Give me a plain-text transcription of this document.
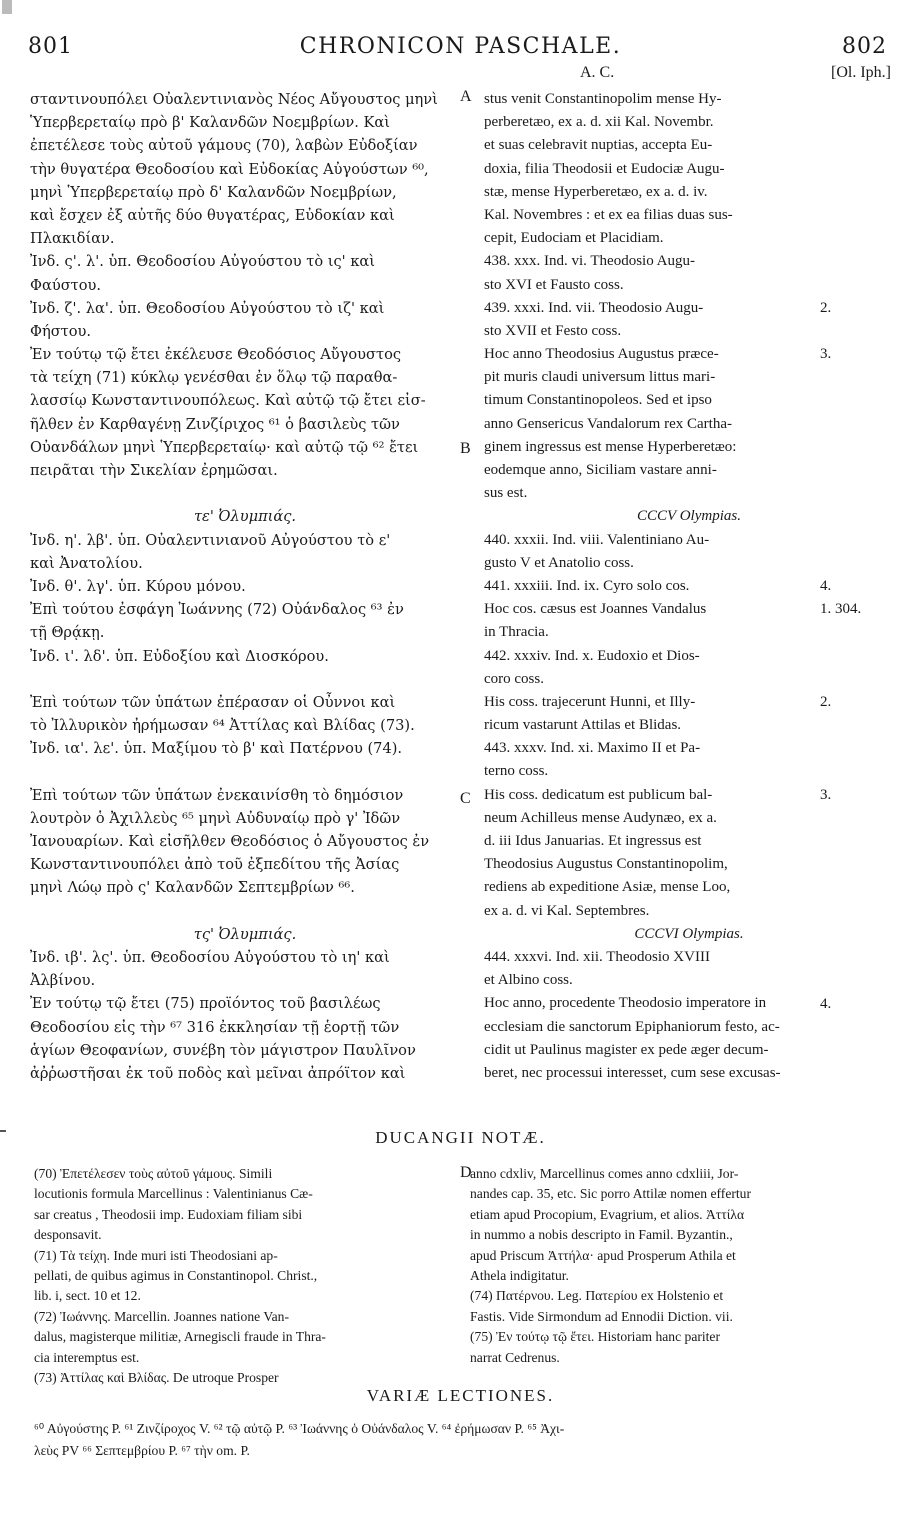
801	CHRONICON PASCHALE.	802
A. C.	[Ol. Iph.]
σταντινουπόλει Οὐαλεντινιανὸς Νέος Αὔγουστος μηνὶ
Ὑπερβερεταίῳ πρὸ β' Καλανδῶν Νοεμβρίων. Καὶ
ἐπετέλεσε τοὺς αὐτοῦ γάμους (70), λαβὼν Εὐδοξίαν
τὴν θυγατέρα Θεοδοσίου καὶ Εὐδοκίας Αὐγούστων ⁶⁰,
μηνὶ Ὑπερβερεταίῳ πρὸ δ' Καλανδῶν Νοεμβρίων,
καὶ ἔσχεν ἐξ αὐτῆς δύο θυγατέρας, Εὐδοκίαν καὶ
Πλακιδίαν.
Ἰνδ. ς'. λ'. ὑπ. Θεοδοσίου Αὐγούστου τὸ ις' καὶ
Φαύστου.
Ἰνδ. ζ'. λα'. ὑπ. Θεοδοσίου Αὐγούστου τὸ ιζ' καὶ
Φήστου.
Ἐν τούτῳ τῷ ἔτει ἐκέλευσε Θεοδόσιος Αὔγουστος
τὰ τείχη (71) κύκλῳ γενέσθαι ἐν ὅλῳ τῷ παραθα-
λασσίῳ Κωνσταντινουπόλεως. Καὶ αὐτῷ τῷ ἔτει εἰσ-
ῆλθεν ἐν Καρθαγένῃ Ζινζίριχος ⁶¹ ὁ βασιλεὺς τῶν
Οὐανδάλων μηνὶ Ὑπερβερεταίῳ· καὶ αὐτῷ τῷ ⁶² ἔτει
πειρᾶται τὴν Σικελίαν ἐρημῶσαι.
τε' Ὀλυμπιάς.
Ἰνδ. η'. λβ'. ὑπ. Οὐαλεντινιανοῦ Αὐγούστου τὸ ε'
καὶ Ἀνατολίου.
Ἰνδ. θ'. λγ'. ὑπ. Κύρου μόνου.
Ἐπὶ τούτου ἐσφάγη Ἰωάννης (72) Οὐάνδαλος ⁶³ ἐν
τῇ Θρᾴκῃ.
Ἰνδ. ι'. λδ'. ὑπ. Εὐδοξίου καὶ Διοσκόρου.
Ἐπὶ τούτων τῶν ὑπάτων ἐπέρασαν οἱ Οὖννοι καὶ
τὸ Ἰλλυρικὸν ἠρήμωσαν ⁶⁴ Ἀττίλας καὶ Βλίδας (73).
Ἰνδ. ια'. λε'. ὑπ. Μαξίμου τὸ β' καὶ Πατέρνου (74).
Ἐπὶ τούτων τῶν ὑπάτων ἐνεκαινίσθη τὸ δημόσιον
λουτρὸν ὁ Ἀχιλλεὺς ⁶⁵ μηνὶ Αὐδυναίῳ πρὸ γ' Ἰδῶν
Ἰανουαρίων. Καὶ εἰσῆλθεν Θεοδόσιος ὁ Αὔγουστος ἐν
Κωνσταντινουπόλει ἀπὸ τοῦ ἐξπεδίτου τῆς Ἀσίας
μηνὶ Λώῳ πρὸ ς' Καλανδῶν Σεπτεμβρίων ⁶⁶.
τς' Ὀλυμπιάς.
Ἰνδ. ιβ'. λς'. ὑπ. Θεοδοσίου Αὐγούστου τὸ ιη' καὶ
Ἀλβίνου.
Ἐν τούτῳ τῷ ἔτει (75) προϊόντος τοῦ βασιλέως
Θεοδοσίου εἰς τὴν ⁶⁷ 316 ἐκκλησίαν τῇ ἑορτῇ τῶν
ἁγίων Θεοφανίων, συνέβη τὸν μάγιστρον Παυλῖνον
ἀῤῥωστῆσαι ἐκ τοῦ ποδὸς καὶ μεῖναι ἀπρόϊτον καὶ
stus venit Constantinopolim mense Hy-
perberetæo, ex a. d. xii Kal. Novembr.
et suas celebravit nuptias, accepta Eu-
doxia, filia Theodosii et Eudociæ Augu-
stæ, mense Hyperberetæo, ex a. d. iv.
Kal. Novembres : et ex ea filias duas sus-
cepit, Eudociam et Placidiam.
438. xxx. Ind. vi. Theodosio Augu-
sto XVI et Fausto coss.
439. xxxi. Ind. vii. Theodosio Augu-
sto XVII et Festo coss.
Hoc anno Theodosius Augustus præce-
pit muris claudi universum littus mari-
timum Constantinopoleos. Sed et ipso
anno Gensericus Vandalorum rex Cartha-
ginem ingressus est mense Hyperberetæo:
eodemque anno, Siciliam vastare anni-
sus est.
CCCV Olympias.
440. xxxii. Ind. viii. Valentiniano Au-
gusto V et Anatolio coss.
441. xxxiii. Ind. ix. Cyro solo cos.
Hoc cos. cæsus est Joannes Vandalus
in Thracia.
442. xxxiv. Ind. x. Eudoxio et Dios-
coro coss.
His coss. trajecerunt Hunni, et Illy-
ricum vastarunt Attilas et Blidas.
443. xxxv. Ind. xi. Maximo II et Pa-
terno coss.
His coss. dedicatum est publicum bal-
neum Achilleus mense Audynæo, ex a.
d. iii Idus Januarias. Et ingressus est
Theodosius Augustus Constantinopolim,
rediens ab expeditione Asiæ, mense Loo,
ex a. d. vi Kal. Septembres.
CCCVI Olympias.
444. xxxvi. Ind. xii. Theodosio XVIII
et Albino coss.
Hoc anno, procedente Theodosio imperatore in
ecclesiam die sanctorum Epiphaniorum festo, ac-
cidit ut Paulinus magister ex pede æger decum-
beret, nec processui interesset, cum sese excusas-
2.
3.
4.
1. 304.
2.
3.
4.
A
B
C
D
DUCANGII NOTÆ.
(70) Ἐπετέλεσεν τοὺς αὐτοῦ γάμους. Simili
locutionis formula Marcellinus : Valentinianus Cæ-
sar creatus , Theodosii imp. Eudoxiam filiam sibi
desponsavit.
(71) Τὰ τείχη. Inde muri isti Theodosiani ap-
pellati, de quibus agimus in Constantinopol. Christ.,
lib. i, sect. 10 et 12.
(72) Ἰωάννης. Marcellin. Joannes natione Van-
dalus, magisterque militiæ, Arnegiscli fraude in Thra-
cia interemptus est.
(73) Ἀττίλας καὶ Βλίδας. De utroque Prosper
anno cdxliv, Marcellinus comes anno cdxliii, Jor-
nandes cap. 35, etc. Sic porro Attilæ nomen effertur
etiam apud Procopium, Evagrium, et alios. Ἀττίλα
in nummo a nobis descripto in Famil. Byzantin.,
apud Priscum Ἀττήλα· apud Prosperum Athila et
Athela indigitatur.
(74) Πατέρνου. Leg. Πατερίου ex Holstenio et
Fastis. Vide Sirmondum ad Ennodii Diction. vii.
(75) Ἐν τούτῳ τῷ ἔτει. Historiam hanc pariter
narrat Cedrenus.
VARIÆ LECTIONES.
⁶⁰ Αὐγούστης P. ⁶¹ Ζινζίροχος V. ⁶² τῷ αὐτῷ P. ⁶³ Ἰωάννης ὁ Οὐάνδαλος V. ⁶⁴ ἐρήμωσαν P. ⁶⁵ Ἀχι-
λεὺς PV ⁶⁶ Σεπτεμβρίου P. ⁶⁷ τὴν om. P.
